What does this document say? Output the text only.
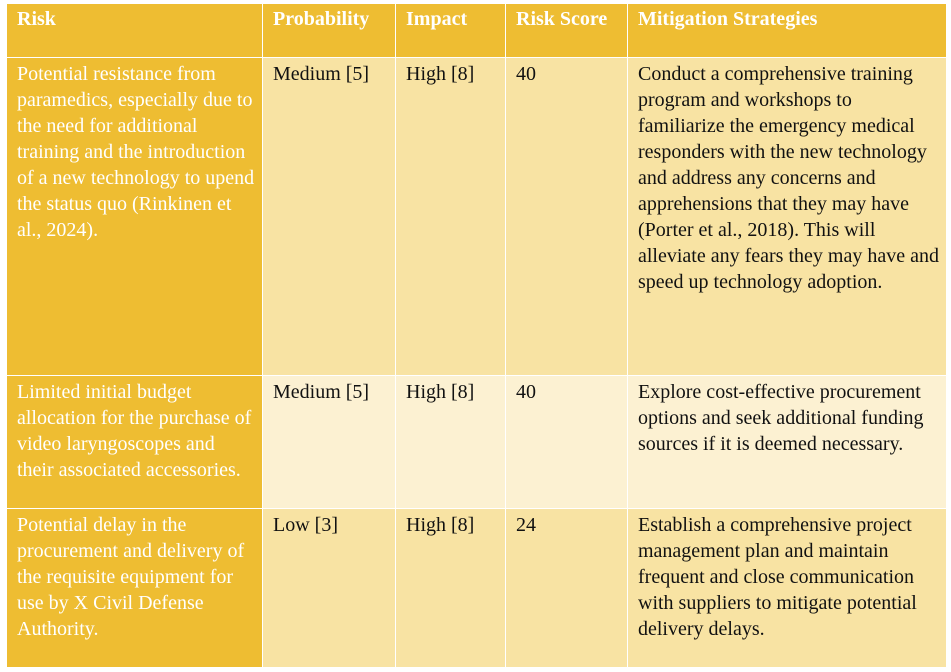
Risk	Probability	Impact	Risk Score	Mitigation Strategies
Potential resistance from paramedics, especially due to the need for additional training and the introduction of a new technology to upend the status quo (Rinkinen et al., 2024).	Medium [5]	High [8]	40	Conduct a comprehensive training program and workshops to familiarize the emergency medical responders with the new technology and address any concerns and apprehensions that they may have (Porter et al., 2018). This will alleviate any fears they may have and speed up technology adoption.
Limited initial budget allocation for the purchase of video laryngoscopes and their associated accessories.	Medium [5]	High [8]	40	Explore cost-effective procurement options and seek additional funding sources if it is deemed necessary.
Potential delay in the procurement and delivery of the requisite equipment for use by X Civil Defense Authority.	Low [3]	High [8]	24	Establish a comprehensive project management plan and maintain frequent and close communication with suppliers to mitigate potential delivery delays.
